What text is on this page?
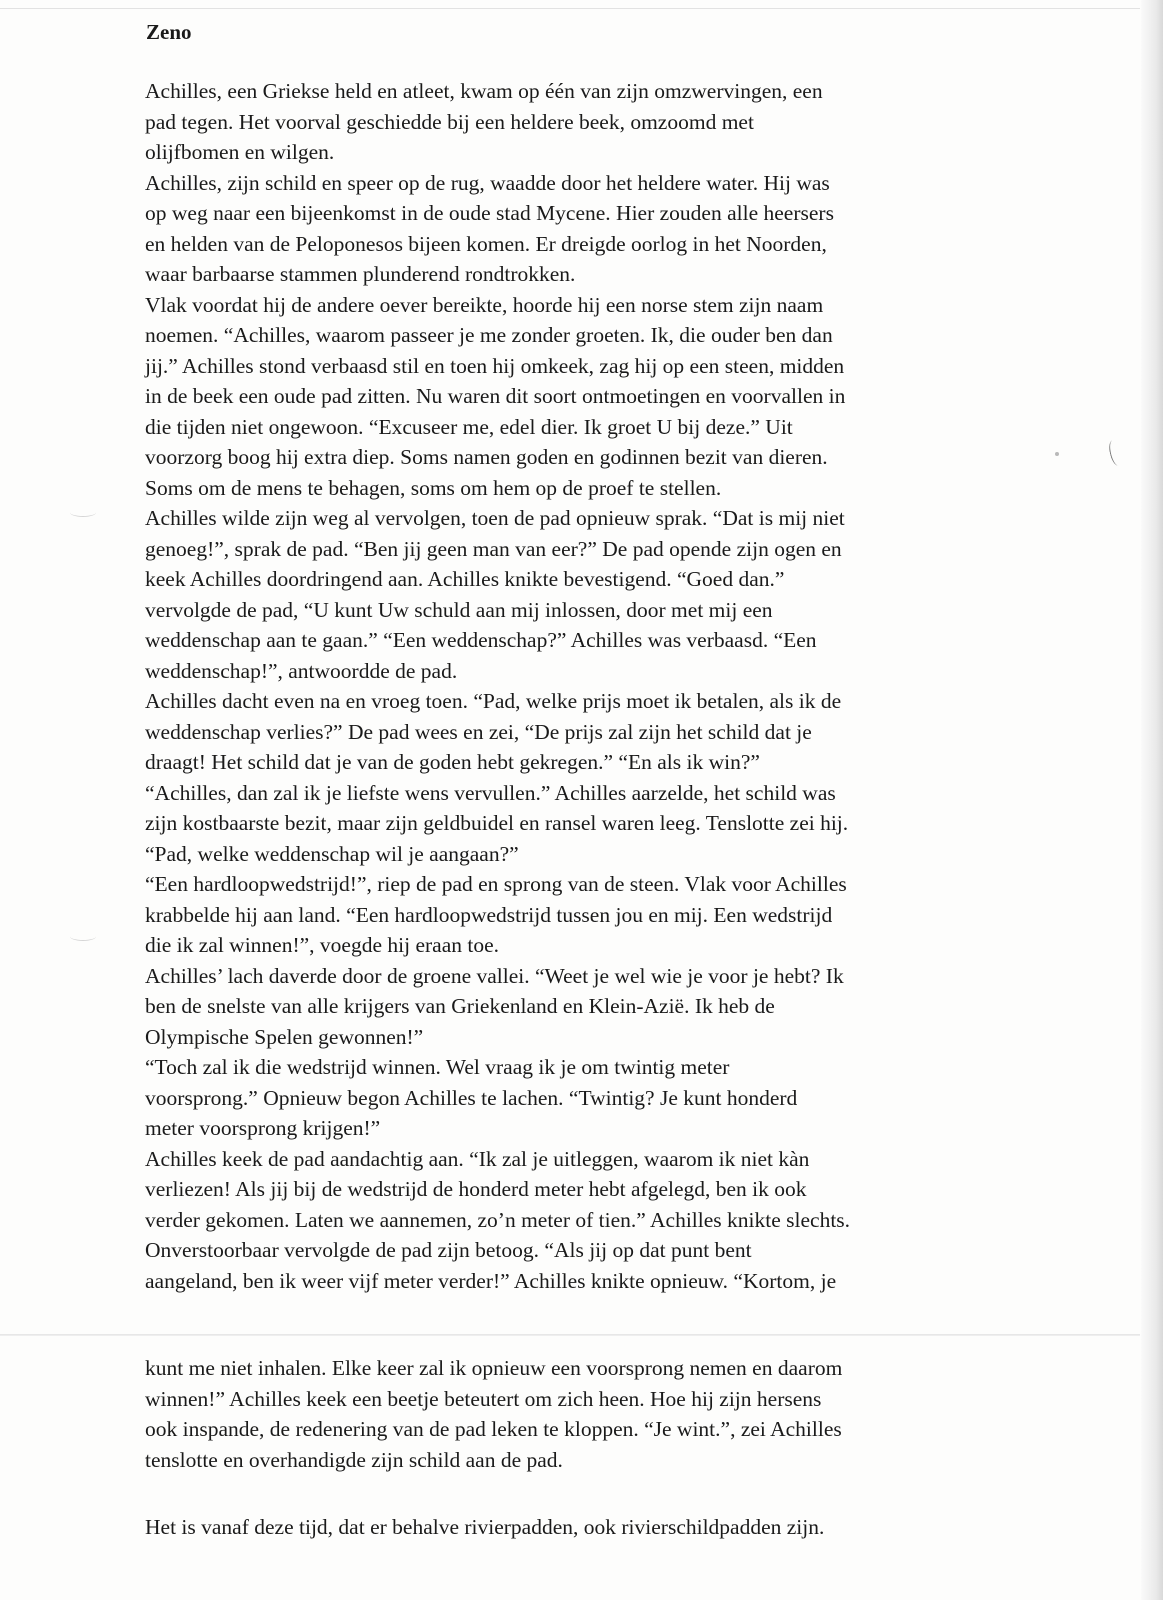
Zeno
Achilles, een Griekse held en atleet, kwam op één van zijn omzwervingen, een
pad tegen. Het voorval geschiedde bij een heldere beek, omzoomd met
olijfbomen en wilgen.
Achilles, zijn schild en speer op de rug, waadde door het heldere water. Hij was
op weg naar een bijeenkomst in de oude stad Mycene. Hier zouden alle heersers
en helden van de Peloponesos bijeen komen. Er dreigde oorlog in het Noorden,
waar barbaarse stammen plunderend rondtrokken.
Vlak voordat hij de andere oever bereikte, hoorde hij een norse stem zijn naam
noemen. “Achilles, waarom passeer je me zonder groeten. Ik, die ouder ben dan
jij.” Achilles stond verbaasd stil en toen hij omkeek, zag hij op een steen, midden
in de beek een oude pad zitten. Nu waren dit soort ontmoetingen en voorvallen in
die tijden niet ongewoon. “Excuseer me, edel dier. Ik groet U bij deze.” Uit
voorzorg boog hij extra diep. Soms namen goden en godinnen bezit van dieren.
Soms om de mens te behagen, soms om hem op de proef te stellen.
Achilles wilde zijn weg al vervolgen, toen de pad opnieuw sprak. “Dat is mij niet
genoeg!”, sprak de pad. “Ben jij geen man van eer?” De pad opende zijn ogen en
keek Achilles doordringend aan. Achilles knikte bevestigend. “Goed dan.”
vervolgde de pad, “U kunt Uw schuld aan mij inlossen, door met mij een
weddenschap aan te gaan.” “Een weddenschap?” Achilles was verbaasd. “Een
weddenschap!”, antwoordde de pad.
Achilles dacht even na en vroeg toen. “Pad, welke prijs moet ik betalen, als ik de
weddenschap verlies?” De pad wees en zei, “De prijs zal zijn het schild dat je
draagt! Het schild dat je van de goden hebt gekregen.” “En als ik win?”
“Achilles, dan zal ik je liefste wens vervullen.” Achilles aarzelde, het schild was
zijn kostbaarste bezit, maar zijn geldbuidel en ransel waren leeg. Tenslotte zei hij.
“Pad, welke weddenschap wil je aangaan?”
“Een hardloopwedstrijd!”, riep de pad en sprong van de steen. Vlak voor Achilles
krabbelde hij aan land. “Een hardloopwedstrijd tussen jou en mij. Een wedstrijd
die ik zal winnen!”, voegde hij eraan toe.
Achilles’ lach daverde door de groene vallei. “Weet je wel wie je voor je hebt? Ik
ben de snelste van alle krijgers van Griekenland en Klein-Azië. Ik heb de
Olympische Spelen gewonnen!”
“Toch zal ik die wedstrijd winnen. Wel vraag ik je om twintig meter
voorsprong.” Opnieuw begon Achilles te lachen. “Twintig? Je kunt honderd
meter voorsprong krijgen!”
Achilles keek de pad aandachtig aan. “Ik zal je uitleggen, waarom ik niet kàn
verliezen! Als jij bij de wedstrijd de honderd meter hebt afgelegd, ben ik ook
verder gekomen. Laten we aannemen, zo’n meter of tien.” Achilles knikte slechts.
Onverstoorbaar vervolgde de pad zijn betoog. “Als jij op dat punt bent
aangeland, ben ik weer vijf meter verder!” Achilles knikte opnieuw. “Kortom, je
kunt me niet inhalen. Elke keer zal ik opnieuw een voorsprong nemen en daarom
winnen!” Achilles keek een beetje beteutert om zich heen. Hoe hij zijn hersens
ook inspande, de redenering van de pad leken te kloppen. “Je wint.”, zei Achilles
tenslotte en overhandigde zijn schild aan de pad.
Het is vanaf deze tijd, dat er behalve rivierpadden, ook rivierschildpadden zijn.
